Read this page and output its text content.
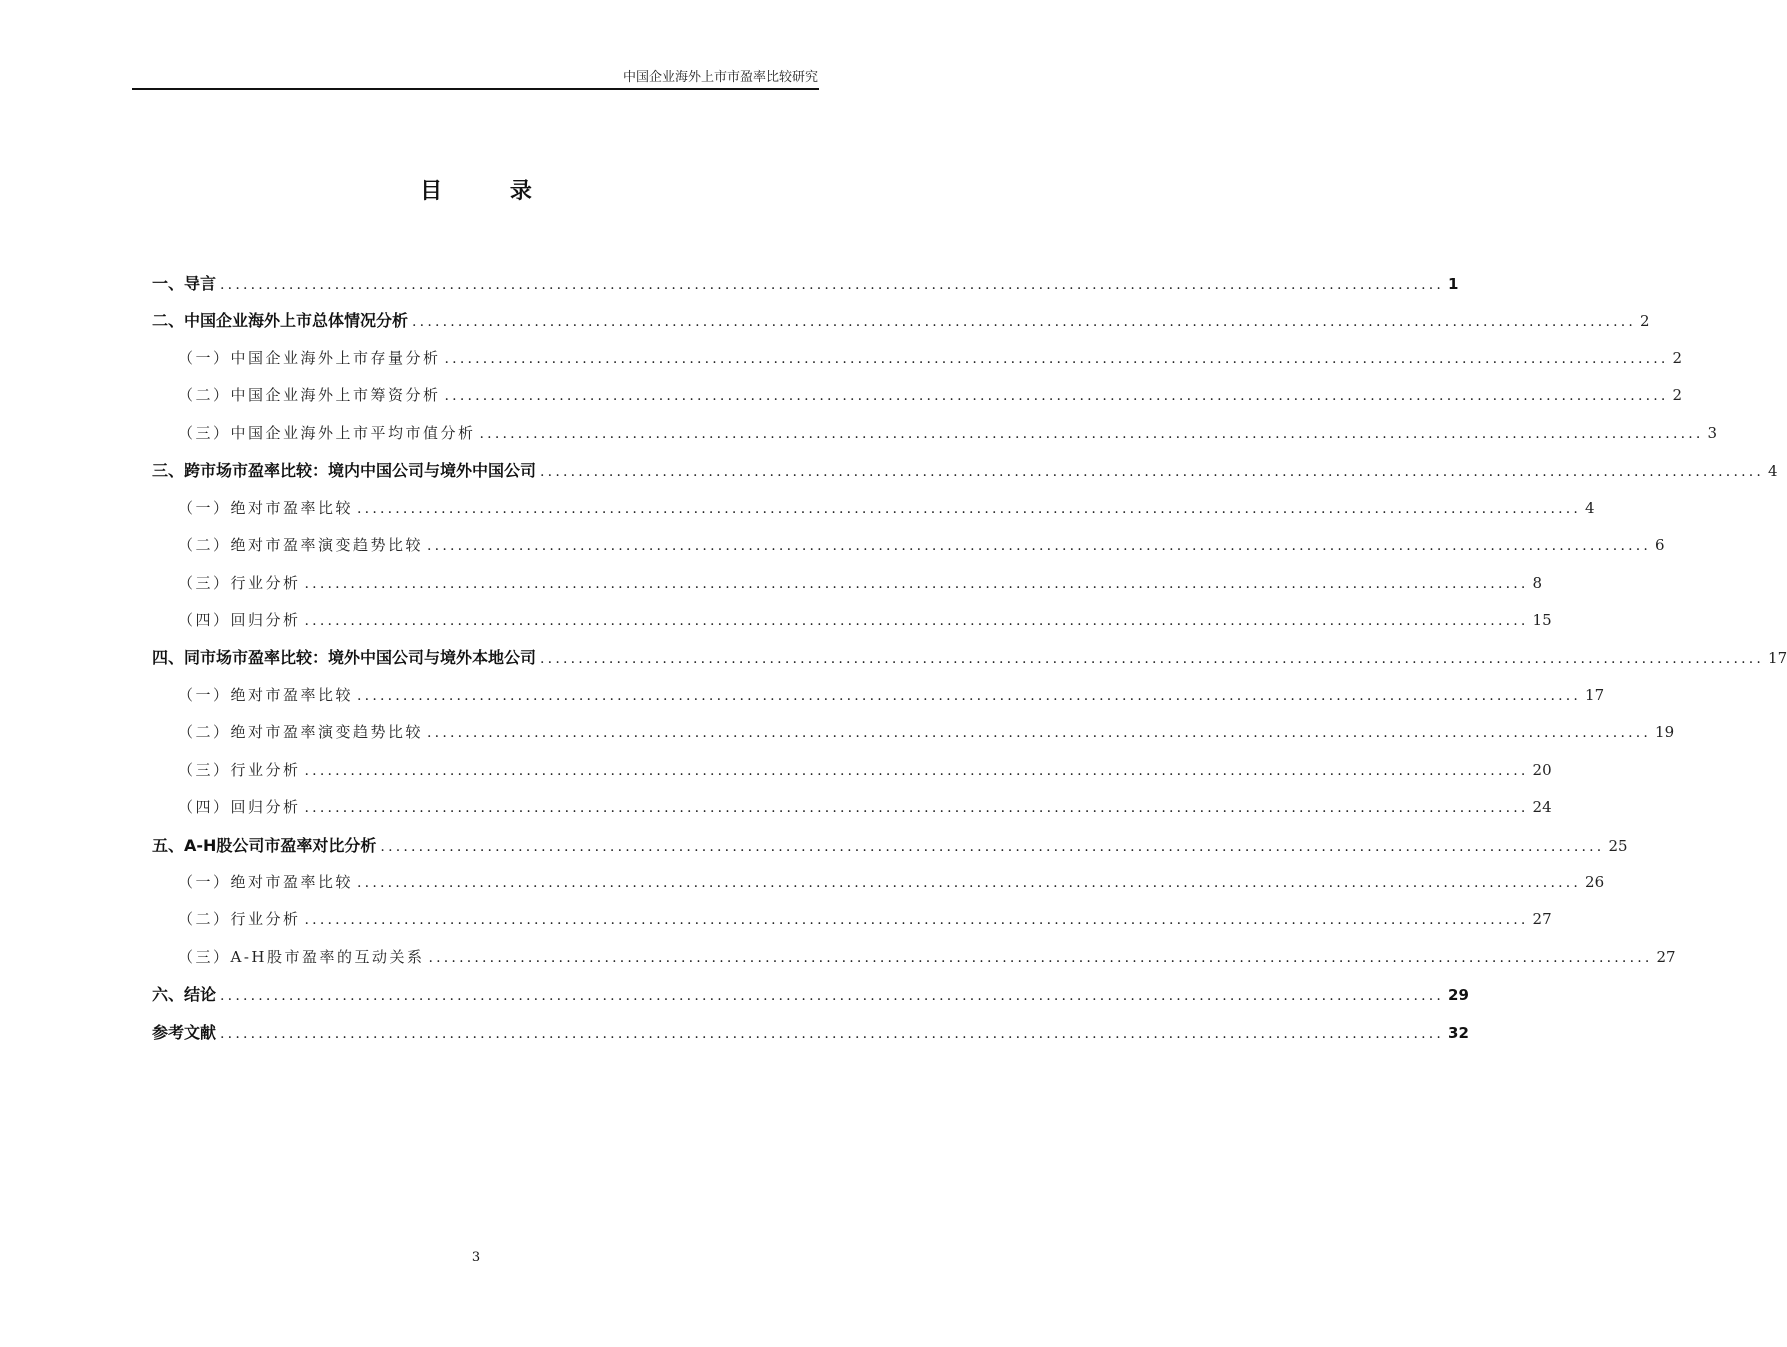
中国企业海外上市市盈率比较研究
目 录
一、导言 ................................................................................................................................................................ 1
二、中国企业海外上市总体情况分析 ................................................................................................................................................................ 2
（一）中国企业海外上市存量分析 ................................................................................................................................................................ 2
（二）中国企业海外上市筹资分析 ................................................................................................................................................................ 2
（三）中国企业海外上市平均市值分析 ................................................................................................................................................................ 3
三、跨市场市盈率比较：境内中国公司与境外中国公司 ................................................................................................................................................................ 4
（一）绝对市盈率比较 ................................................................................................................................................................ 4
（二）绝对市盈率演变趋势比较 ................................................................................................................................................................ 6
（三）行业分析 ................................................................................................................................................................ 8
（四）回归分析 ................................................................................................................................................................ 15
四、同市场市盈率比较：境外中国公司与境外本地公司 ................................................................................................................................................................ 17
（一）绝对市盈率比较 ................................................................................................................................................................ 17
（二）绝对市盈率演变趋势比较 ................................................................................................................................................................ 19
（三）行业分析 ................................................................................................................................................................ 20
（四）回归分析 ................................................................................................................................................................ 24
五、A-H股公司市盈率对比分析 ................................................................................................................................................................ 25
（一）绝对市盈率比较 ................................................................................................................................................................ 26
（二）行业分析 ................................................................................................................................................................ 27
（三）A-H股市盈率的互动关系 ................................................................................................................................................................ 27
六、结论 ................................................................................................................................................................ 29
参考文献 ................................................................................................................................................................ 32
3
